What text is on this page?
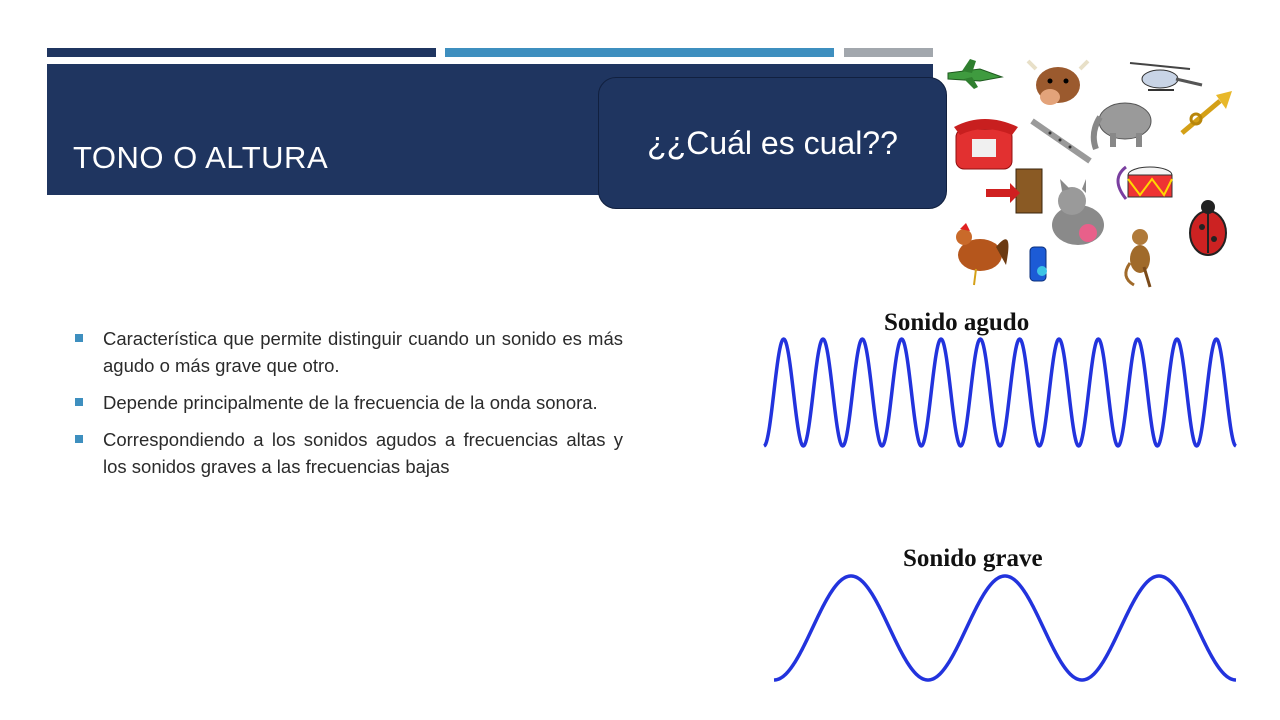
TONO O ALTURA	¿¿Cuál es cual??
Característica que permite distinguir cuando un sonido es más agudo o más grave que otro.
Depende principalmente de la frecuencia de la onda sonora.
Correspondiendo a los sonidos agudos a frecuencias altas y los sonidos graves a las frecuencias bajas
Sonido agudo
Sonido grave
